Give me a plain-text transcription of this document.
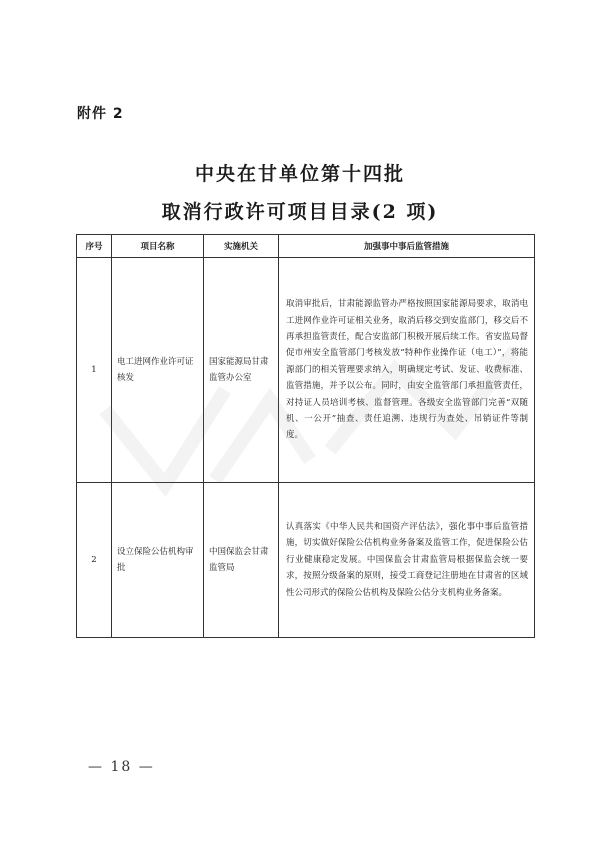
附件 2
中央在甘单位第十四批
取消行政许可项目目录(2 项)
序号	项目名称	实施机关	加强事中事后监管措施
1	电工进网作业许可证核发	国家能源局甘肃监管办公室	取消审批后，甘肃能源监管办严格按照国家能源局要求，取消电工进网作业许可证相关业务，取消后移交到安监部门，移交后不再承担监管责任，配合安监部门积极开展后续工作。省安监局督促市州安全监管部门考核发放“特种作业操作证（电工）”，将能源部门的相关管理要求纳入，明确规定考试、发证、收费标准、监管措施，并予以公布。同时，由安全监管部门承担监管责任，对持证人员培训考核、监督管理。各级安全监管部门完善“双随机、一公开”抽查、责任追溯、违规行为查处、吊销证件等制度。
2	设立保险公估机构审批	中国保监会甘肃监管局	认真落实《中华人民共和国资产评估法》，强化事中事后监管措施，切实做好保险公估机构业务备案及监管工作，促进保险公估行业健康稳定发展。中国保监会甘肃监管局根据保监会统一要求，按照分级备案的原则，接受工商登记注册地在甘肃省的区域性公司形式的保险公估机构及保险公估分支机构业务备案。
— 18 —
